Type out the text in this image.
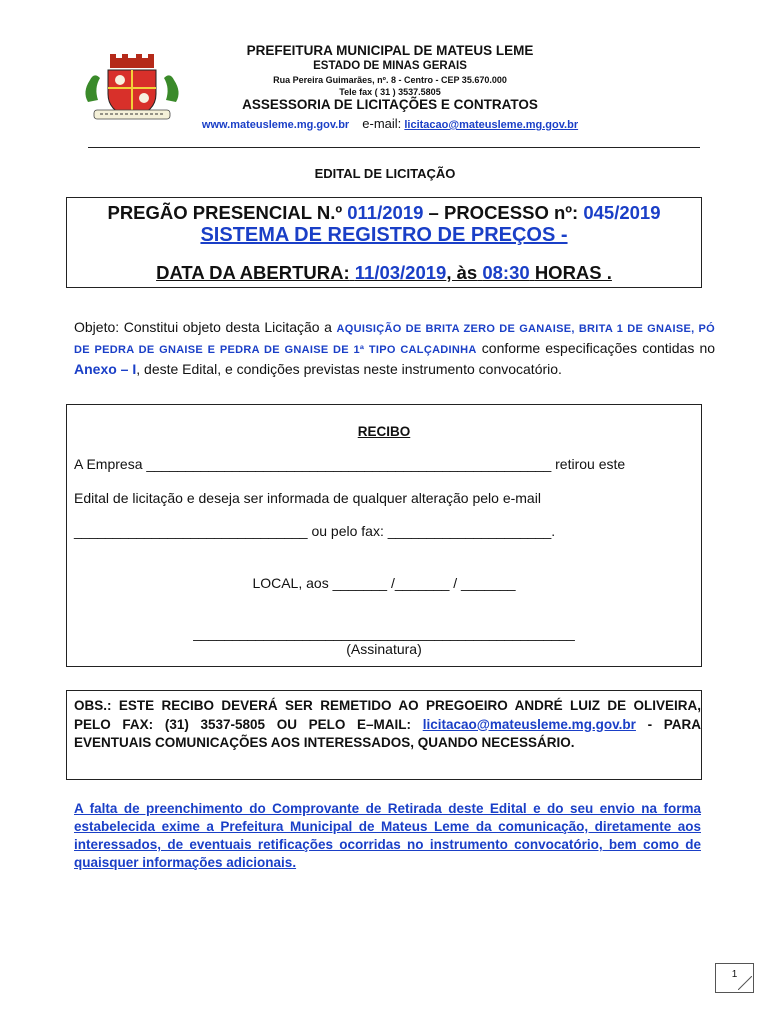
PREFEITURA MUNICIPAL DE MATEUS LEME
ESTADO DE MINAS GERAIS
Rua Pereira Guimarães, nº. 8 - Centro - CEP 35.670.000
Tele fax ( 31 ) 3537.5805
ASSESSORIA DE LICITAÇÕES E CONTRATOS
www.mateusleme.mg.gov.br e-mail: licitacao@mateusleme.mg.gov.br
EDITAL DE LICITAÇÃO
PREGÃO PRESENCIAL N.º 011/2019 – PROCESSO nº: 045/2019
SISTEMA DE REGISTRO DE PREÇOS -
DATA DA ABERTURA: 11/03/2019, às 08:30 HORAS .
Objeto: Constitui objeto desta Licitação a AQUISIÇÃO DE BRITA ZERO DE GANAISE, BRITA 1 DE GNAISE, PÓ DE PEDRA DE GNAISE E PEDRA DE GNAISE DE 1ª TIPO CALÇADINHA conforme especificações contidas no Anexo – I, deste Edital, e condições previstas neste instrumento convocatório.
RECIBO
A Empresa ____________________________________________________ retirou este
Edital de licitação e deseja ser informada de qualquer alteração pelo e-mail
______________________________ ou pelo fax: _____________________.
LOCAL, aos _______ /_______ / _______
_________________________________________________
(Assinatura)
OBS.: ESTE RECIBO DEVERÁ SER REMETIDO AO PREGOEIRO ANDRÉ LUIZ DE OLIVEIRA, PELO FAX: (31) 3537-5805 OU PELO E–MAIL: licitacao@mateusleme.mg.gov.br - PARA EVENTUAIS COMUNICAÇÕES AOS INTERESSADOS, QUANDO NECESSÁRIO.
A falta de preenchimento do Comprovante de Retirada deste Edital e do seu envio na forma estabelecida exime a Prefeitura Municipal de Mateus Leme da comunicação, diretamente aos interessados, de eventuais retificações ocorridas no instrumento convocatório, bem como de quaisquer informações adicionais.
1
